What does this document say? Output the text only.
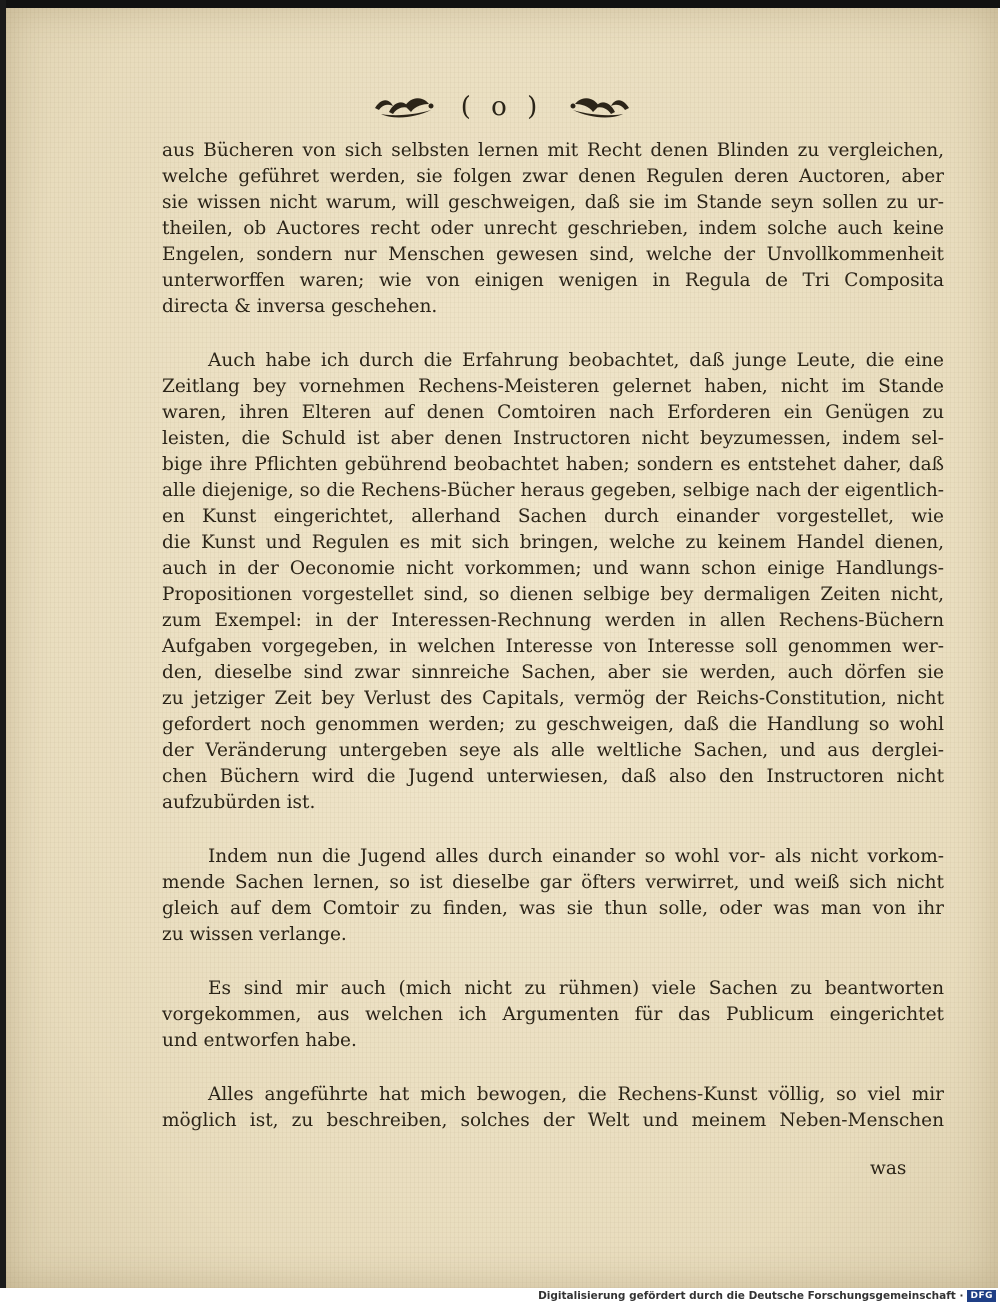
( o )
aus Bücheren von sich selbsten lernen mit Recht denen Blinden zu vergleichen,
welche geführet werden, sie folgen zwar denen Regulen deren Auctoren, aber
sie wissen nicht warum, will geschweigen, daß sie im Stande seyn sollen zu ur-
theilen, ob Auctores recht oder unrecht geschrieben, indem solche auch keine
Engelen, sondern nur Menschen gewesen sind, welche der Unvollkommenheit
unterworffen waren; wie von einigen wenigen in Regula de Tri Composita
directa & inversa geschehen.
Auch habe ich durch die Erfahrung beobachtet, daß junge Leute, die eine
Zeitlang bey vornehmen Rechens-Meisteren gelernet haben, nicht im Stande
waren, ihren Elteren auf denen Comtoiren nach Erforderen ein Genügen zu
leisten, die Schuld ist aber denen Instructoren nicht beyzumessen, indem sel-
bige ihre Pflichten gebührend beobachtet haben; sondern es entstehet daher, daß
alle diejenige, so die Rechens-Bücher heraus gegeben, selbige nach der eigentlich-
en Kunst eingerichtet, allerhand Sachen durch einander vorgestellet, wie
die Kunst und Regulen es mit sich bringen, welche zu keinem Handel dienen,
auch in der Oeconomie nicht vorkommen; und wann schon einige Handlungs-
Propositionen vorgestellet sind, so dienen selbige bey dermaligen Zeiten nicht,
zum Exempel: in der Interessen-Rechnung werden in allen Rechens-Büchern
Aufgaben vorgegeben, in welchen Interesse von Interesse soll genommen wer-
den, dieselbe sind zwar sinnreiche Sachen, aber sie werden, auch dörfen sie
zu jetziger Zeit bey Verlust des Capitals, vermög der Reichs-Constitution, nicht
gefordert noch genommen werden; zu geschweigen, daß die Handlung so wohl
der Veränderung untergeben seye als alle weltliche Sachen, und aus derglei-
chen Büchern wird die Jugend unterwiesen, daß also den Instructoren nicht
aufzubürden ist.
Indem nun die Jugend alles durch einander so wohl vor- als nicht vorkom-
mende Sachen lernen, so ist dieselbe gar öfters verwirret, und weiß sich nicht
gleich auf dem Comtoir zu finden, was sie thun solle, oder was man von ihr
zu wissen verlange.
Es sind mir auch (mich nicht zu rühmen) viele Sachen zu beantworten
vorgekommen, aus welchen ich Argumenten für das Publicum eingerichtet
und entworfen habe.
Alles angeführte hat mich bewogen, die Rechens-Kunst völlig, so viel mir
möglich ist, zu beschreiben, solches der Welt und meinem Neben-Menschen
was
Digitalisierung gefördert durch die Deutsche Forschungsgemeinschaft · DFG
